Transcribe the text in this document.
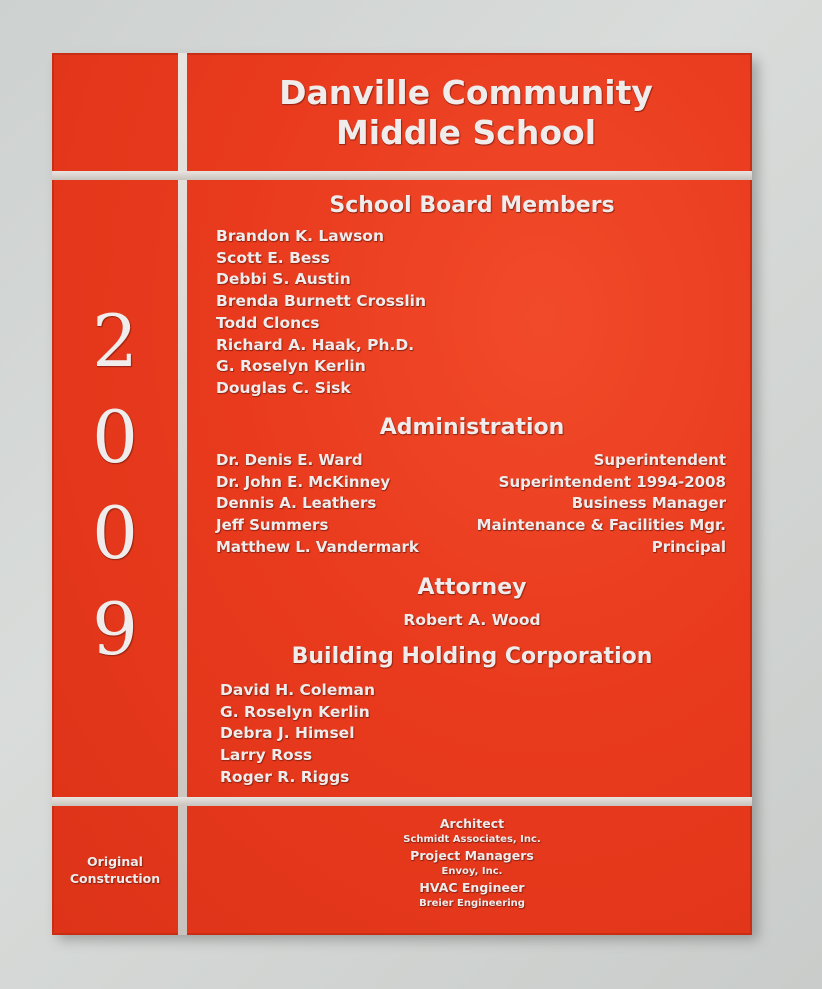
Danville Community
Middle School
2
0
0
9
School Board Members
Brandon K. Lawson
Scott E. Bess
Debbi S. Austin
Brenda Burnett Crosslin
Todd Cloncs
Richard A. Haak, Ph.D.
G. Roselyn Kerlin
Douglas C. Sisk
Administration
Dr. Denis E. Ward	Superintendent
Dr. John E. McKinney	Superintendent 1994-2008
Dennis A. Leathers	Business Manager
Jeff Summers	Maintenance & Facilities Mgr.
Matthew L. Vandermark	Principal
Attorney
Robert A. Wood
Building Holding Corporation
David H. Coleman
G. Roselyn Kerlin
Debra J. Himsel
Larry Ross
Roger R. Riggs
Original
Construction
Architect
Schmidt Associates, Inc.
Project Managers
Envoy, Inc.
HVAC Engineer
Breier Engineering
